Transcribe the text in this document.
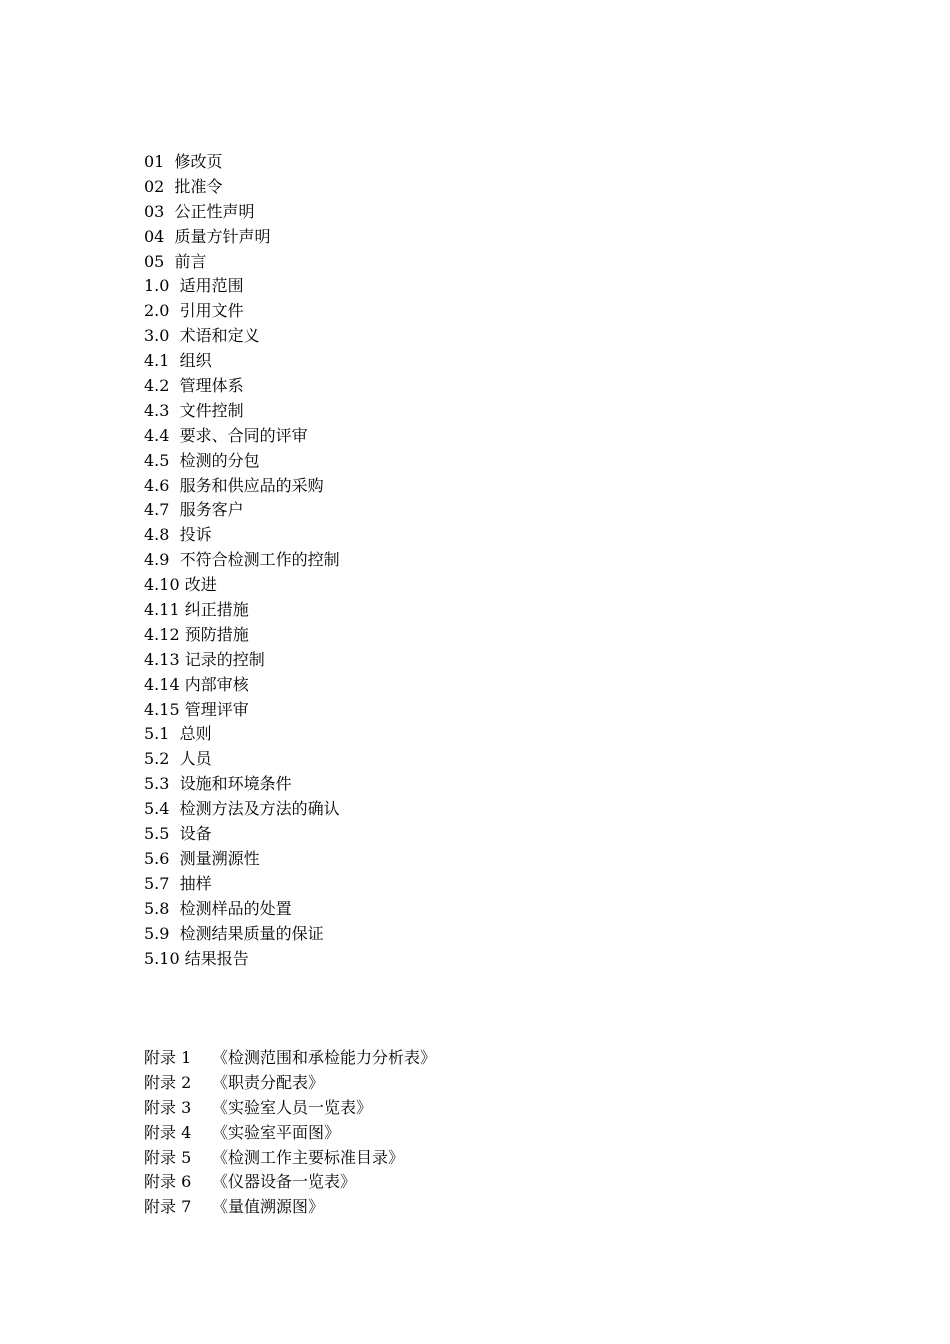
01 修改页
02 批准令
03 公正性声明
04 质量方针声明
05 前言
1.0 适用范围
2.0 引用文件
3.0 术语和定义
4.1 组织
4.2 管理体系
4.3 文件控制
4.4 要求、合同的评审
4.5 检测的分包
4.6 服务和供应品的采购
4.7 服务客户
4.8 投诉
4.9 不符合检测工作的控制
4.10 改进
4.11 纠正措施
4.12 预防措施
4.13 记录的控制
4.14 内部审核
4.15 管理评审
5.1 总则
5.2 人员
5.3 设施和环境条件
5.4 检测方法及方法的确认
5.5 设备
5.6 测量溯源性
5.7 抽样
5.8 检测样品的处置
5.9 检测结果质量的保证
5.10 结果报告
附录 1 《检测范围和承检能力分析表》
附录 2 《职责分配表》
附录 3 《实验室人员一览表》
附录 4 《实验室平面图》
附录 5 《检测工作主要标准目录》
附录 6 《仪器设备一览表》
附录 7 《量值溯源图》
